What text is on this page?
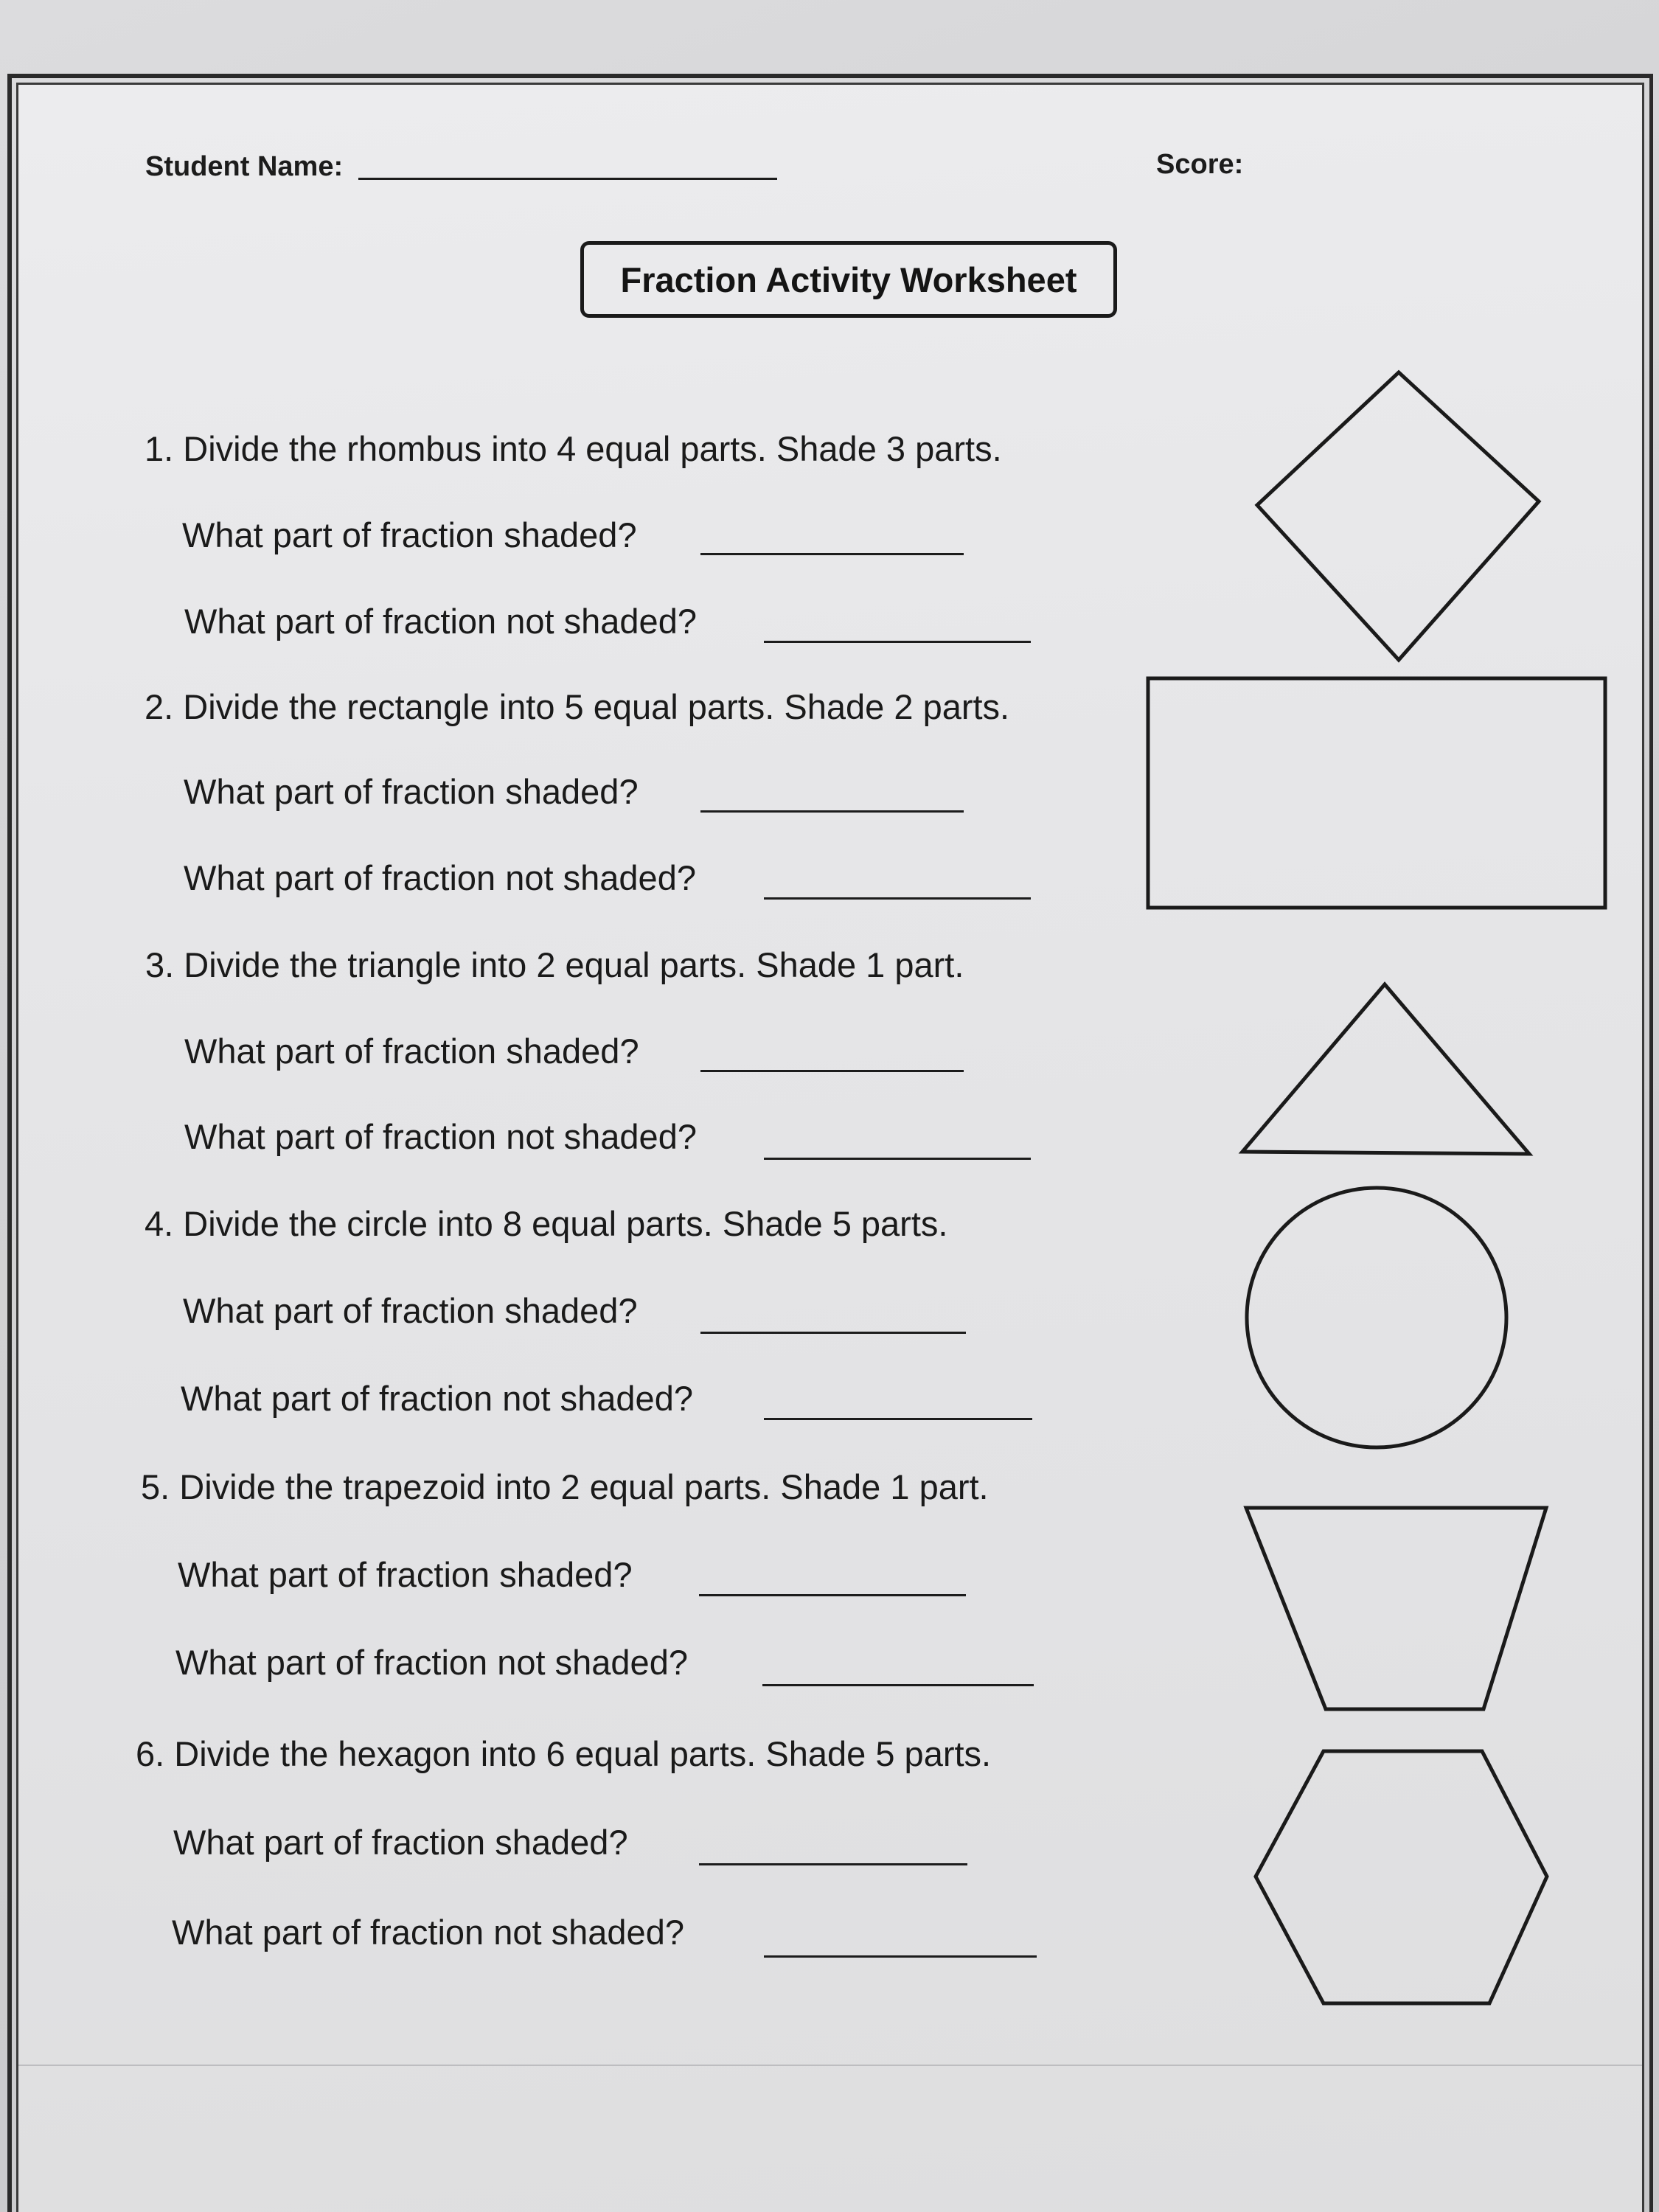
Student Name:	Score:
Fraction Activity Worksheet
1. Divide the rhombus into 4 equal parts. Shade 3 parts.
What part of fraction shaded?
What part of fraction not shaded?
2. Divide the rectangle into 5 equal parts. Shade 2 parts.
What part of fraction shaded?
What part of fraction not shaded?
3. Divide the triangle into 2 equal parts. Shade 1 part.
What part of fraction shaded?
What part of fraction not shaded?
4. Divide the circle into 8 equal parts. Shade 5 parts.
What part of fraction shaded?
What part of fraction not shaded?
5. Divide the trapezoid into 2 equal parts. Shade 1 part.
What part of fraction shaded?
What part of fraction not shaded?
6. Divide the hexagon into 6 equal parts. Shade 5 parts.
What part of fraction shaded?
What part of fraction not shaded?
